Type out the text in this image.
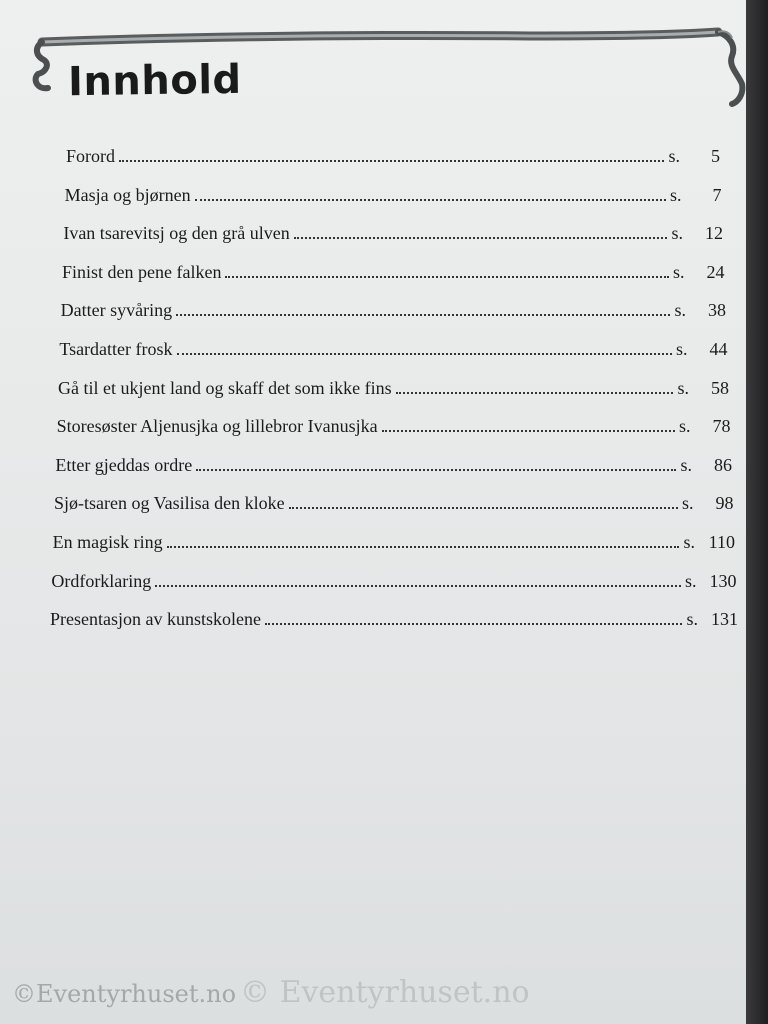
Innhold
Forord	s.	5
Masja og bjørnen	s.	7
Ivan tsarevitsj og den grå ulven	s.	12
Finist den pene falken	s.	24
Datter syvåring	s.	38
Tsardatter frosk	s.	44
Gå til et ukjent land og skaff det som ikke fins	s.	58
Storesøster Aljenusjka og lillebror Ivanusjka	s.	78
Etter gjeddas ordre	s.	86
Sjø-tsaren og Vasilisa den kloke	s.	98
En magisk ring	s. 110
Ordforklaring	s. 130
Presentasjon av kunstskolene	s. 131
©Eventyrhuset.no © Eventyrhuset.no
